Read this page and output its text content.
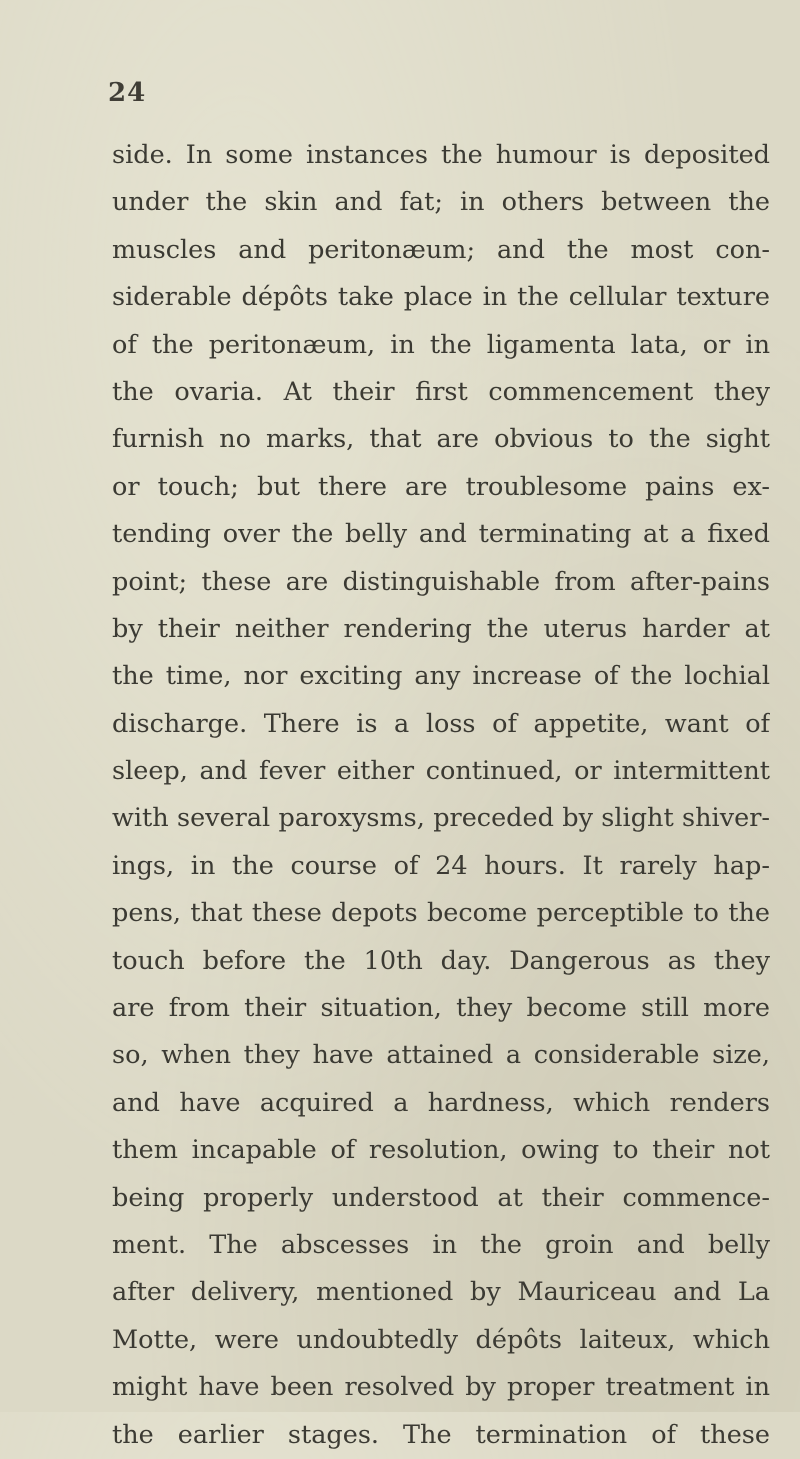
24
side. In some instances the humour is deposited
under the skin and fat; in others between the
muscles and peritonæum; and the most con-
siderable dépôts take place in the cellular texture
of the peritonæum, in the ligamenta lata, or in
the ovaria. At their first commencement they
furnish no marks, that are obvious to the sight
or touch; but there are troublesome pains ex-
tending over the belly and terminating at a fixed
point; these are distinguishable from after-pains
by their neither rendering the uterus harder at
the time, nor exciting any increase of the lochial
discharge. There is a loss of appetite, want of
sleep, and fever either continued, or intermittent
with several paroxysms, preceded by slight shiver-
ings, in the course of 24 hours. It rarely hap-
pens, that these depots become perceptible to the
touch before the 10th day. Dangerous as they
are from their situation, they become still more
so, when they have attained a considerable size,
and have acquired a hardness, which renders
them incapable of resolution, owing to their not
being properly understood at their commence-
ment. The abscesses in the groin and belly
after delivery, mentioned by Mauriceau and La
Motte, were undoubtedly dépôts laiteux, which
might have been resolved by proper treatment in
the earlier stages. The termination of these
